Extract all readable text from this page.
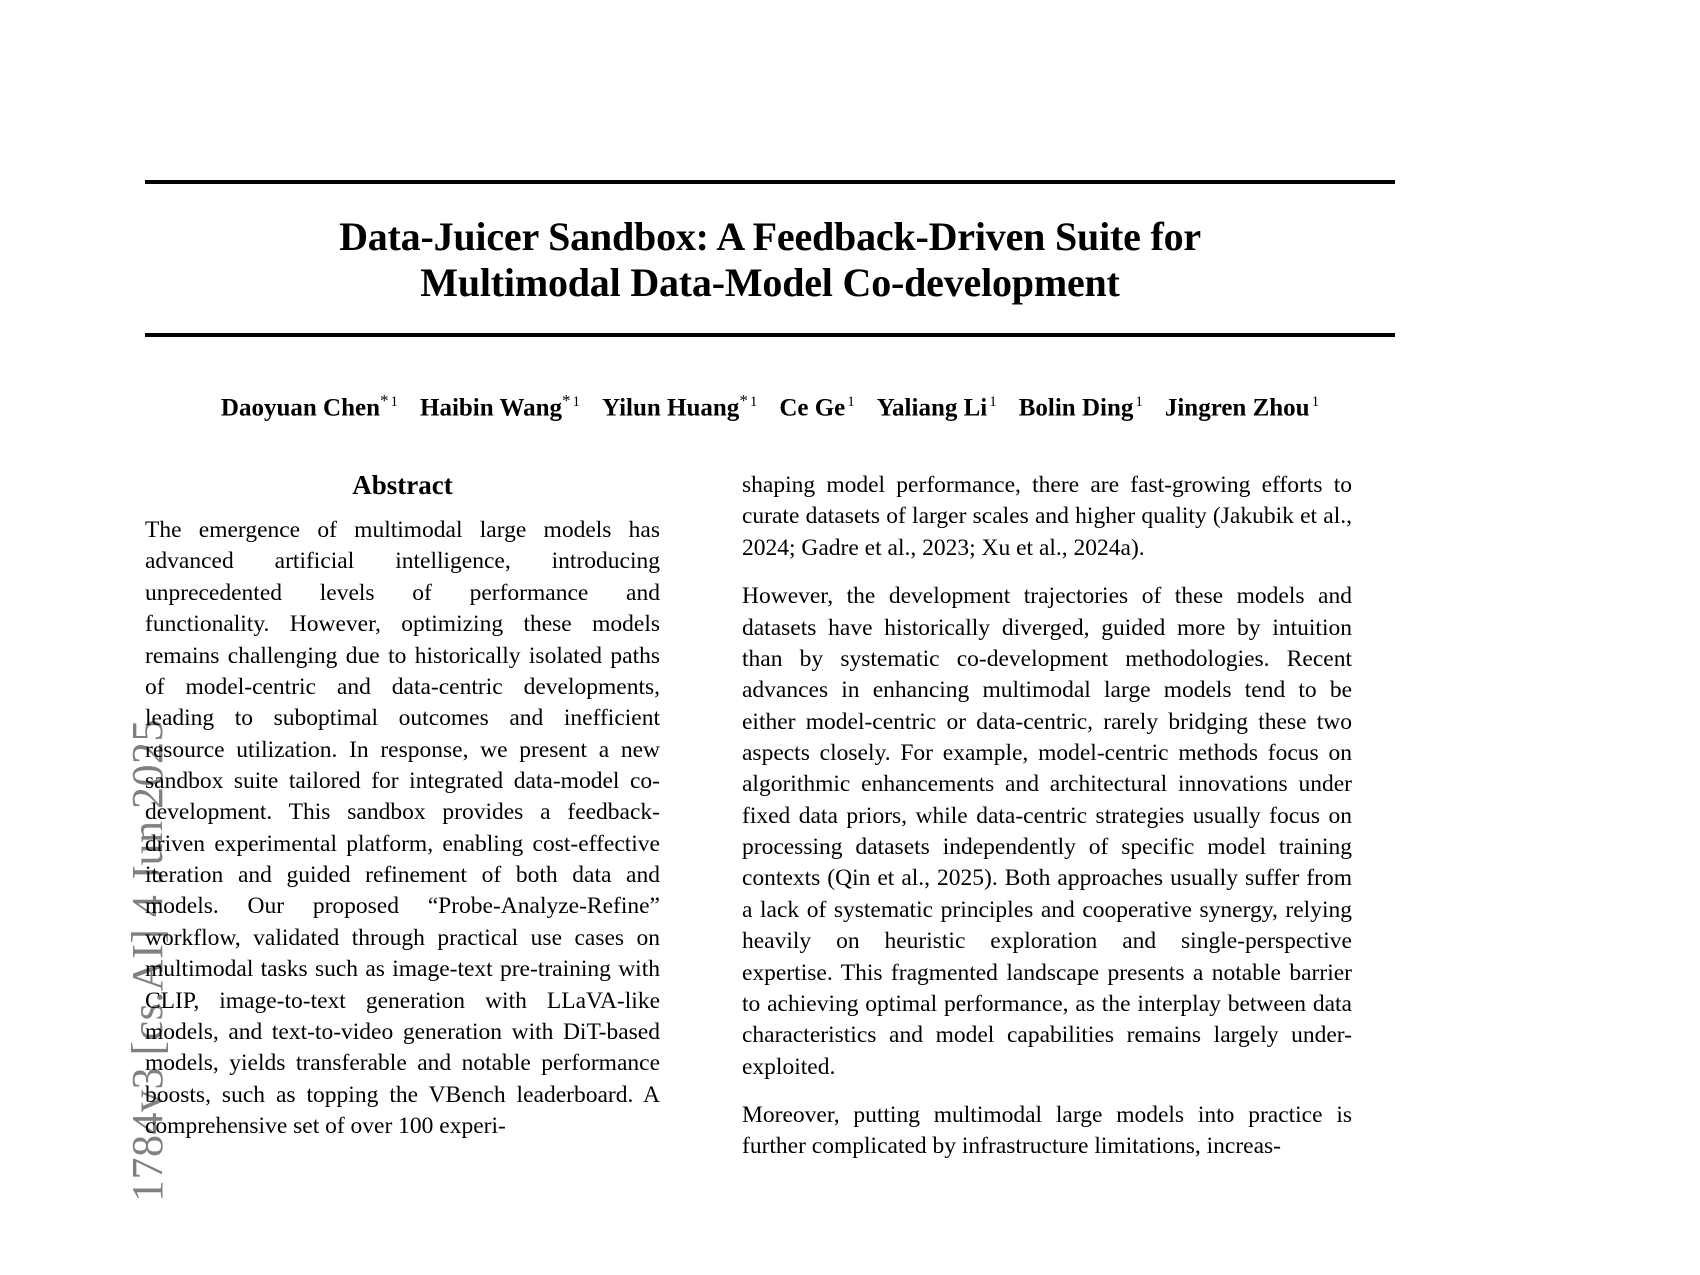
1784v3 [cs.AI] 4 Jun 2025
Data-Juicer Sandbox: A Feedback-Driven Suite for
Multimodal Data-Model Co-development
Daoyuan Chen* $^1$ Haibin Wang* $^1$ Yilun Huang* $^1$ Ce Ge $^1$ Yaliang Li $^1$ Bolin Ding $^1$ Jingren Zhou $^1$
Abstract

The emergence of multimodal large models has advanced artificial intelligence, introducing unprecedented levels of performance and functionality. However, optimizing these models remains challenging due to historically isolated paths of model-centric and data-centric developments, leading to suboptimal outcomes and inefficient resource utilization. In response, we present a new sandbox suite tailored for integrated data-model co-development. This sandbox provides a feedback-driven experimental platform, enabling cost-effective iteration and guided refinement of both data and models. Our proposed “Probe-Analyze-Refine” workflow, validated through practical use cases on multimodal tasks such as image-text pre-training with CLIP, image-to-text generation with LLaVA-like models, and text-to-video generation with DiT-based models, yields transferable and notable performance boosts, such as topping the VBench leaderboard. A comprehensive set of over 100 experi-

shaping model performance, there are fast-growing efforts to curate datasets of larger scales and higher quality (Jakubik et al., 2024; Gadre et al., 2023; Xu et al., 2024a).

However, the development trajectories of these models and datasets have historically diverged, guided more by intuition than by systematic co-development methodologies. Recent advances in enhancing multimodal large models tend to be either model-centric or data-centric, rarely bridging these two aspects closely. For example, model-centric methods focus on algorithmic enhancements and architectural innovations under fixed data priors, while data-centric strategies usually focus on processing datasets independently of specific model training contexts (Qin et al., 2025). Both approaches usually suffer from a lack of systematic principles and cooperative synergy, relying heavily on heuristic exploration and single-perspective expertise. This fragmented landscape presents a notable barrier to achieving optimal performance, as the interplay between data characteristics and model capabilities remains largely under-exploited.

Moreover, putting multimodal large models into practice is further complicated by infrastructure limitations, increas-
